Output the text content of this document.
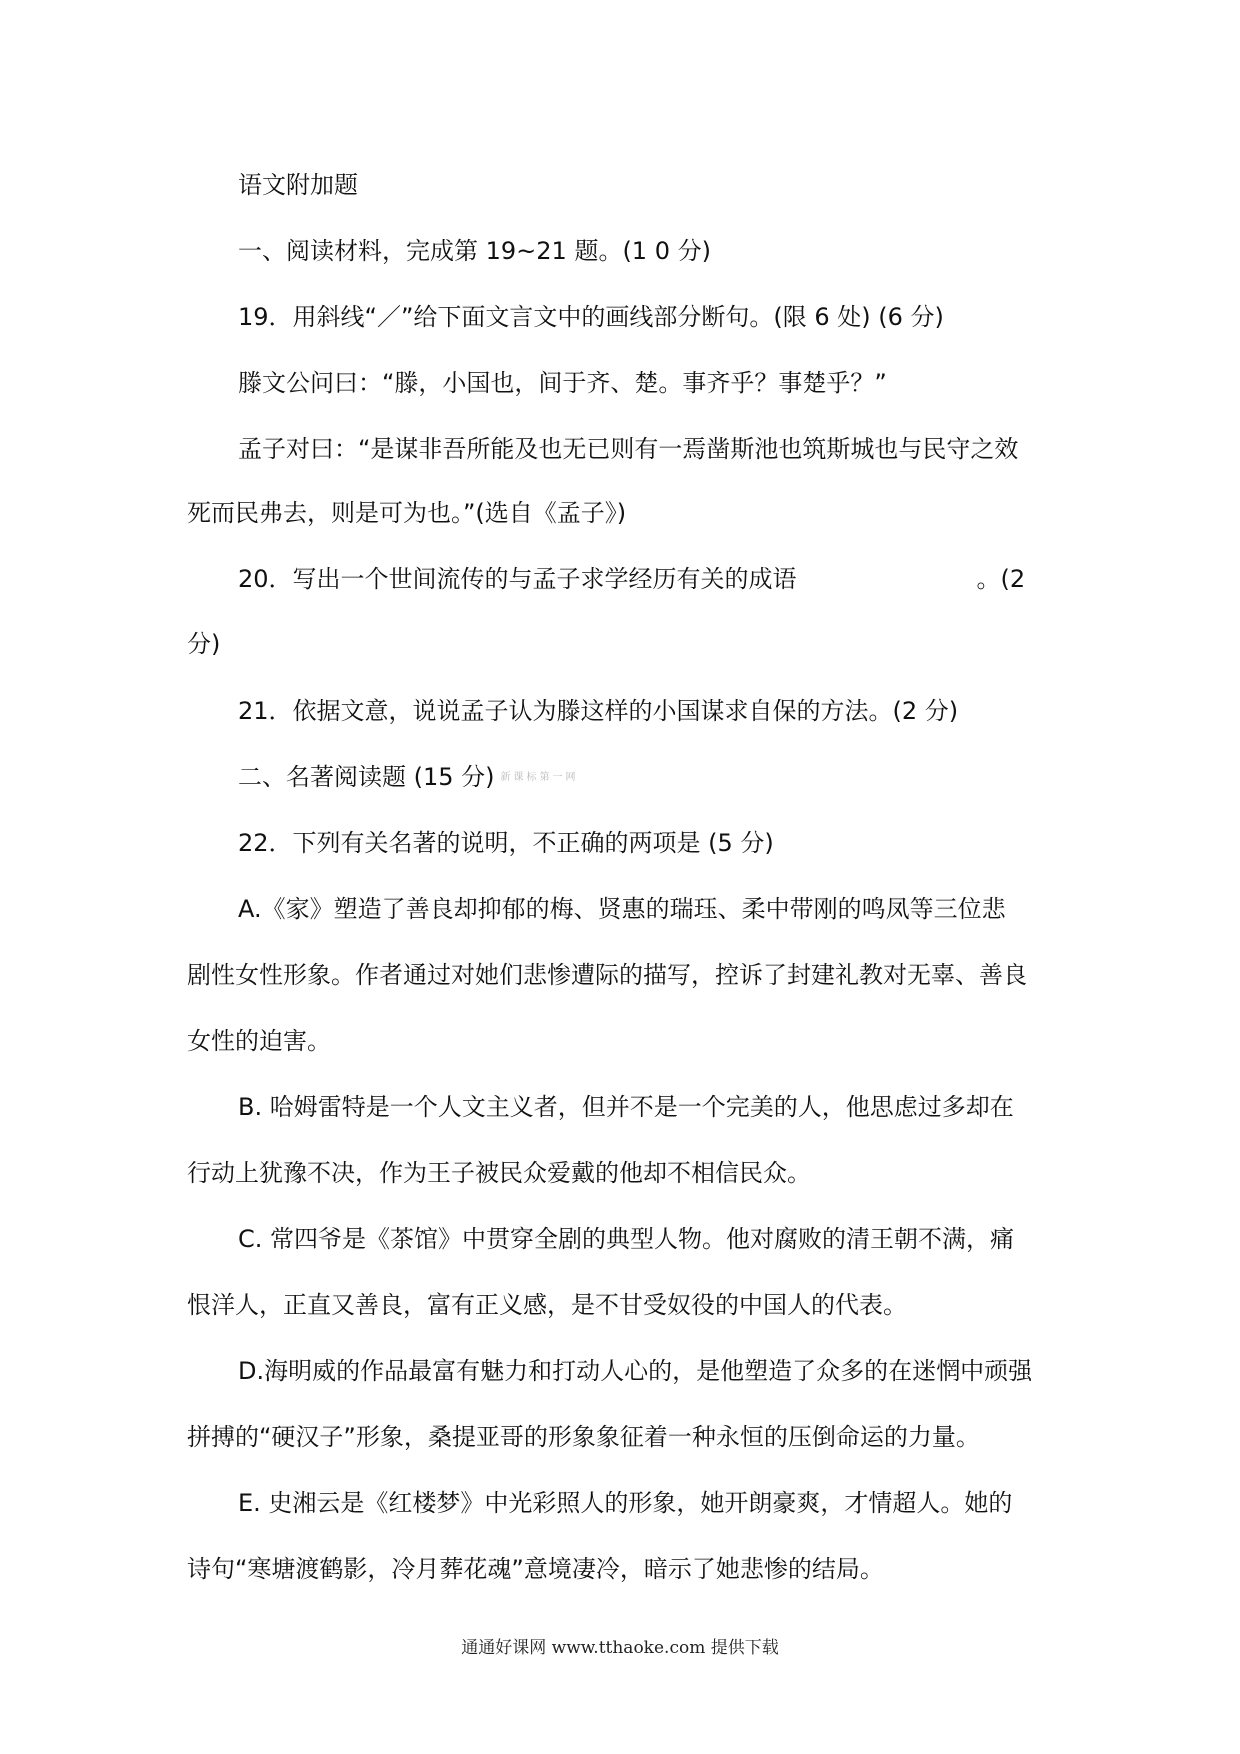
语文附加题
一、阅读材料，完成第 19~21 题。(1 0 分)
19．用斜线“／”给下面文言文中的画线部分断句。(限 6 处) (6 分)
滕文公问曰：“滕，小国也，间于齐、楚。事齐乎？事楚乎？”
孟子对曰：“是谋非吾所能及也无已则有一焉凿斯池也筑斯城也与民守之效
死而民弗去，则是可为也。”(选自《孟子》)
20．写出一个世间流传的与孟子求学经历有关的成语	。(2
分)
21．依据文意，说说孟子认为滕这样的小国谋求自保的方法。(2 分)
二、名著阅读题 (15 分) 新课标第一网
22．下列有关名著的说明，不正确的两项是 (5 分)
A.《家》塑造了善良却抑郁的梅、贤惠的瑞珏、柔中带刚的鸣凤等三位悲
剧性女性形象。作者通过对她们悲惨遭际的描写，控诉了封建礼教对无辜、善良
女性的迫害。
B. 哈姆雷特是一个人文主义者，但并不是一个完美的人，他思虑过多却在
行动上犹豫不决，作为王子被民众爱戴的他却不相信民众。
C. 常四爷是《茶馆》中贯穿全剧的典型人物。他对腐败的清王朝不满，痛
恨洋人，正直又善良，富有正义感，是不甘受奴役的中国人的代表。
D.海明威的作品最富有魅力和打动人心的，是他塑造了众多的在迷惘中顽强
拼搏的“硬汉子”形象，桑提亚哥的形象象征着一种永恒的压倒命运的力量。
E. 史湘云是《红楼梦》中光彩照人的形象，她开朗豪爽，才情超人。她的
诗句“寒塘渡鹤影，冷月葬花魂”意境凄冷，暗示了她悲惨的结局。
通通好课网 www.tthaoke.com 提供下载
